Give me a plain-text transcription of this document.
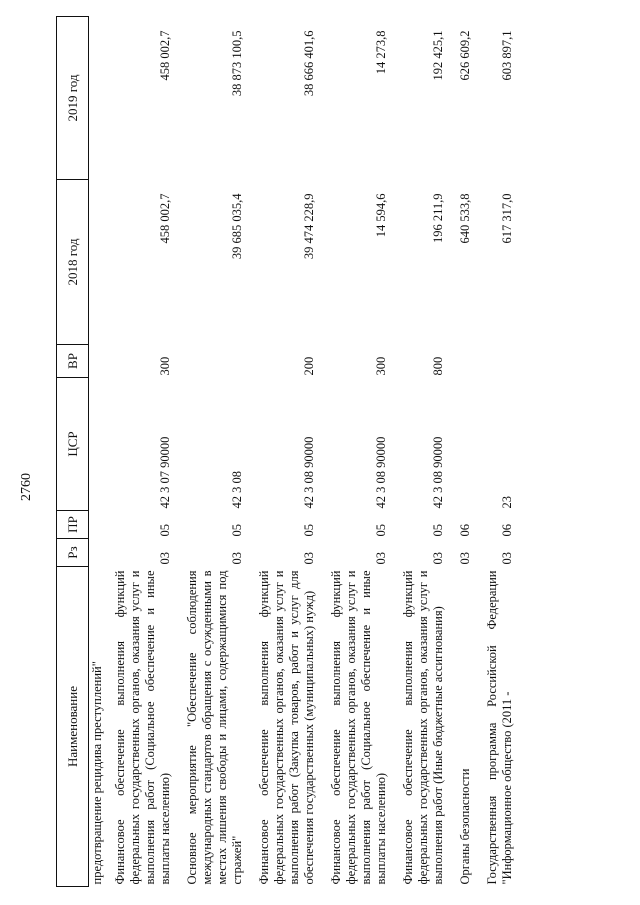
2760
Наименование	Рз	ПР	ЦСР	ВР	2018 год	2019 год
предотвращение рецидива преступлений"						
Финансовое обеспечение выполнения функций федеральных государственных органов, оказания услуг и выполнения работ (Социальное обеспечение и иные выплаты населению)	03	05	42 3 07 90000	300	458 002,7	458 002,7

Основное мероприятие "Обеспечение соблюдения международных стандартов обращения с осужденными в местах лишения свободы и лицами, содержащимися под стражей"	03	05	42 3 08		39 685 035,4	38 873 100,5

Финансовое обеспечение выполнения функций федеральных государственных органов, оказания услуг и выполнения работ (Закупка товаров, работ и услуг для обеспечения государственных (муниципальных) нужд)	03	05	42 3 08 90000	200	39 474 228,9	38 666 401,6

Финансовое обеспечение выполнения функций федеральных государственных органов, оказания услуг и выполнения работ (Социальное обеспечение и иные выплаты населению)	03	05	42 3 08 90000	300	14 594,6	14 273,8

Финансовое обеспечение выполнения функций федеральных государственных органов, оказания услуг и выполнения работ (Иные бюджетные ассигнования)	03	05	42 3 08 90000	800	196 211,9	192 425,1

Органы безопасности	03	06			640 533,8	626 609,2

Государственная программа Российской Федерации "Информационное общество (2011 -	03	06	23		617 317,0	603 897,1
